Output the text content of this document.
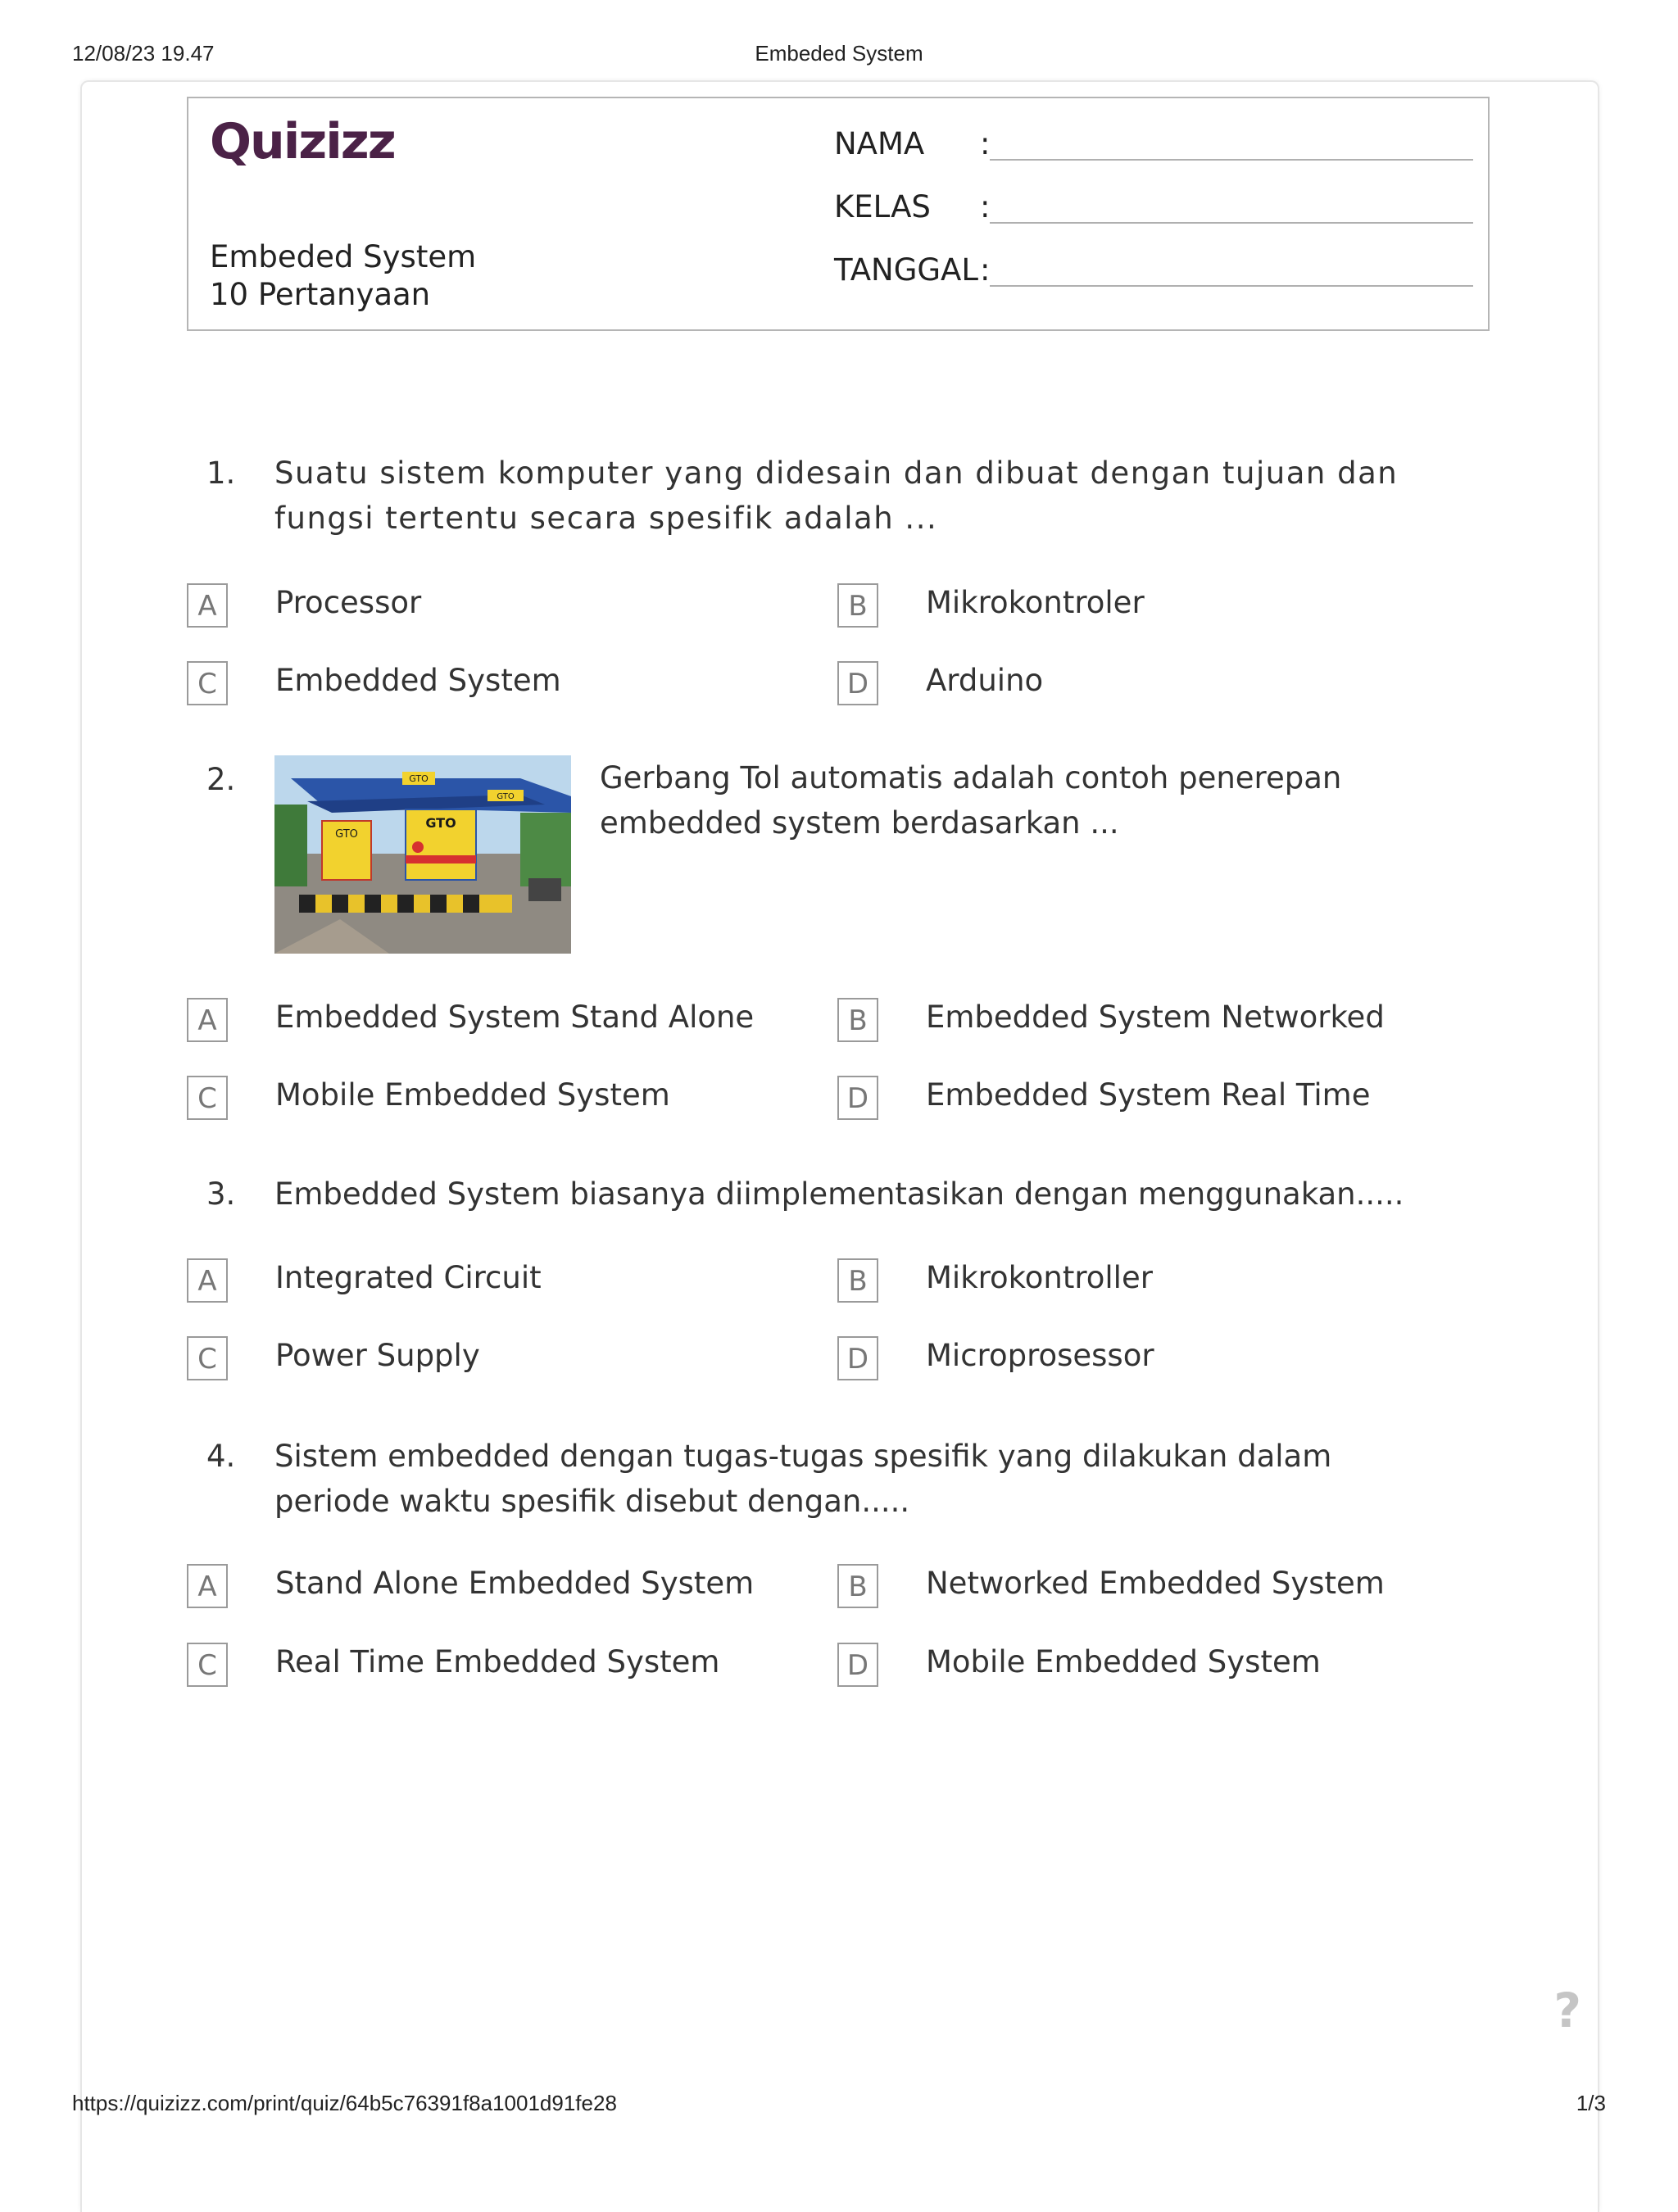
12/08/23 19.47	Embeded System
Quizizz
Embeded System
10 Pertanyaan
NAMA :
KELAS :
TANGGAL :
1. Suatu sistem komputer yang didesain dan dibuat dengan tujuan dan fungsi tertentu secara spesifik adalah ...
A	Processor	B	Mikrokontroler
C	Embedded System	D	Arduino
2.	GTO
GTO
GTO
GTO
Gerbang Tol automatis adalah contoh penerepan embedded system berdasarkan ...
A	Embedded System Stand Alone	B	Embedded System Networked
C	Mobile Embedded System	D	Embedded System Real Time
3. Embedded System biasanya diimplementasikan dengan menggunakan.....
A	Integrated Circuit	B	Mikrokontroller
C	Power Supply	D	Microprosessor
4. Sistem embedded dengan tugas-tugas spesifik yang dilakukan dalam periode waktu spesifik disebut dengan.....
A	Stand Alone Embedded System	B	Networked Embedded System
C	Real Time Embedded System	D	Mobile Embedded System
?
https://quizizz.com/print/quiz/64b5c76391f8a1001d91fe28	1/3
